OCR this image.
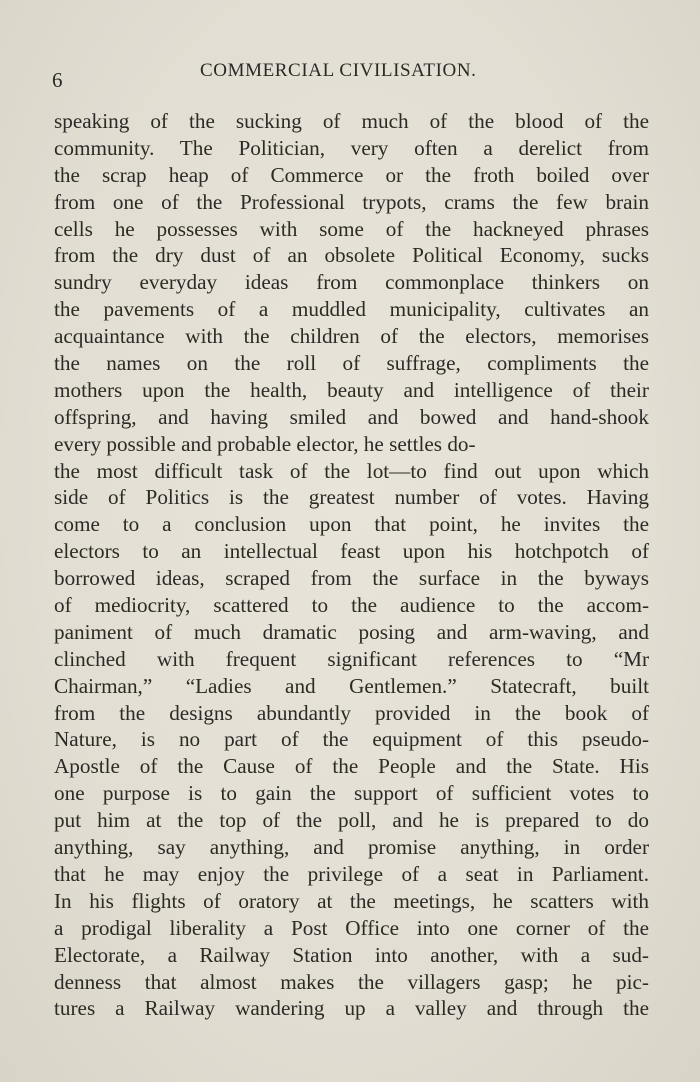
6	COMMERCIAL CIVILISATION.
speaking of the sucking of much of the blood of the
community. The Politician, very often a derelict from
the scrap heap of Commerce or the froth boiled over
from one of the Professional trypots, crams the few brain
cells he possesses with some of the hackneyed phrases
from the dry dust of an obsolete Political Economy, sucks
sundry everyday ideas from commonplace thinkers on
the pavements of a muddled municipality, cultivates an
acquaintance with the children of the electors, memorises
the names on the roll of suffrage, compliments the
mothers upon the health, beauty and intelligence of their
offspring, and having smiled and bowed and hand-shook
every possible and probable elector, he settles do‑
the most difficult task of the lot—to find out upon which
side of Politics is the greatest number of votes. Having
come to a conclusion upon that point, he invites the
electors to an intellectual feast upon his hotchpotch of
borrowed ideas, scraped from the surface in the byways
of mediocrity, scattered to the audience to the accom-
paniment of much dramatic posing and arm-waving, and
clinched with frequent significant references to “Mr
Chairman,” “Ladies and Gentlemen.” Statecraft, built
from the designs abundantly provided in the book of
Nature, is no part of the equipment of this pseudo-
Apostle of the Cause of the People and the State. His
one purpose is to gain the support of sufficient votes to
put him at the top of the poll, and he is prepared to do
anything, say anything, and promise anything, in order
that he may enjoy the privilege of a seat in Parliament.
In his flights of oratory at the meetings, he scatters with
a prodigal liberality a Post Office into one corner of the
Electorate, a Railway Station into another, with a sud-
denness that almost makes the villagers gasp; he pic-
tures a Railway wandering up a valley and through the
